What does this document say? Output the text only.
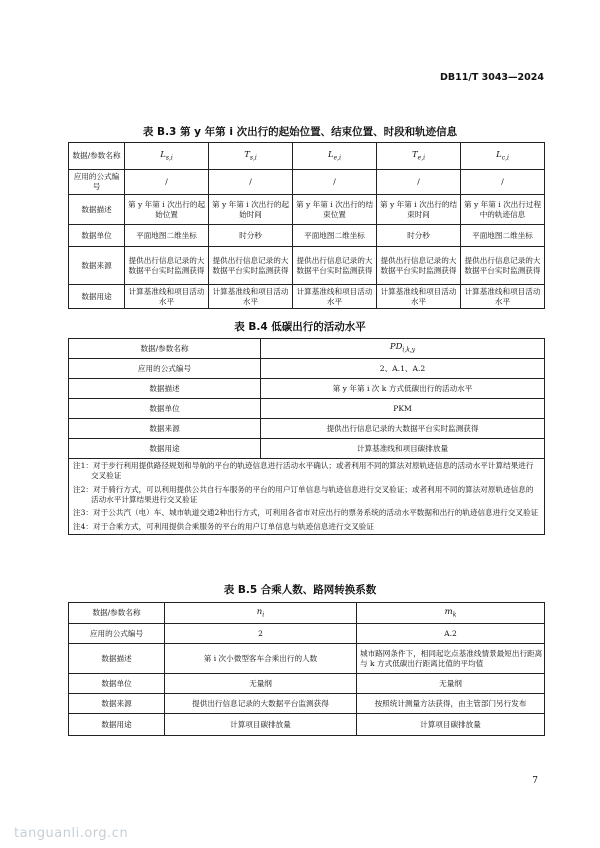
DB11/T 3043—2024
表 B.3 第 y 年第 i 次出行的起始位置、结束位置、时段和轨迹信息
数据/参数名称	$L_{s,i}$	$T_{s,i}$	$L_{e,i}$	$T_{e,i}$	$L_{c,i}$
应用的公式编号	/	/	/	/	/
数据描述	第 y 年第 i 次出行的起始位置	第 y 年第 i 次出行的起始时间	第 y 年第 i 次出行的结束位置	第 y 年第 i 次出行的结束时间	第 y 年第 i 次出行过程中的轨迹信息
数据单位	平面地图二维坐标	时分秒	平面地图二维坐标	时分秒	平面地图二维坐标
数据来源	提供出行信息记录的大数据平台实时监测获得	提供出行信息记录的大数据平台实时监测获得	提供出行信息记录的大数据平台实时监测获得	提供出行信息记录的大数据平台实时监测获得	提供出行信息记录的大数据平台实时监测获得
数据用途	计算基准线和项目活动水平	计算基准线和项目活动水平	计算基准线和项目活动水平	计算基准线和项目活动水平	计算基准线和项目活动水平
表 B.4 低碳出行的活动水平
数据/参数名称	$PD_{i,k,y}$
应用的公式编号	2、A.1、A.2
数据描述	第 y 年第 i 次 k 方式低碳出行的活动水平
数据单位	PKM
数据来源	提供出行信息记录的大数据平台实时监测获得
数据用途	计算基准线和项目碳排放量

注1：对于步行利用提供路径规划和导航的平台的轨迹信息进行活动水平确认；或者利用不同的算法对原轨迹信息的活动水平计算结果进行交叉验证

注2：对于骑行方式，可以利用提供公共自行车服务的平台的用户订单信息与轨迹信息进行交叉验证；或者利用不同的算法对原轨迹信息的活动水平计算结果进行交叉验证

注3：对于公共汽（电）车、城市轨道交通2种出行方式，可利用各省市对应出行的票务系统的活动水平数据和出行的轨迹信息进行交叉验证

注4：对于合乘方式，可利用提供合乘服务的平台的用户订单信息与轨迹信息进行交叉验证	

表 B.5 合乘人数、路网转换系数
数据/参数名称	$n_i$	$m_k$
应用的公式编号	2	A.2
数据描述	第 i 次小微型客车合乘出行的人数	城市路网条件下，相同起讫点基准线情景最短出行距离与 k 方式低碳出行距离比值的平均值
数据单位	无量纲	无量纲
数据来源	提供出行信息记录的大数据平台监测获得	按照统计测量方法获得，由主管部门另行发布
数据用途	计算项目碳排放量	计算项目碳排放量
7
tanguanli.org.cn
